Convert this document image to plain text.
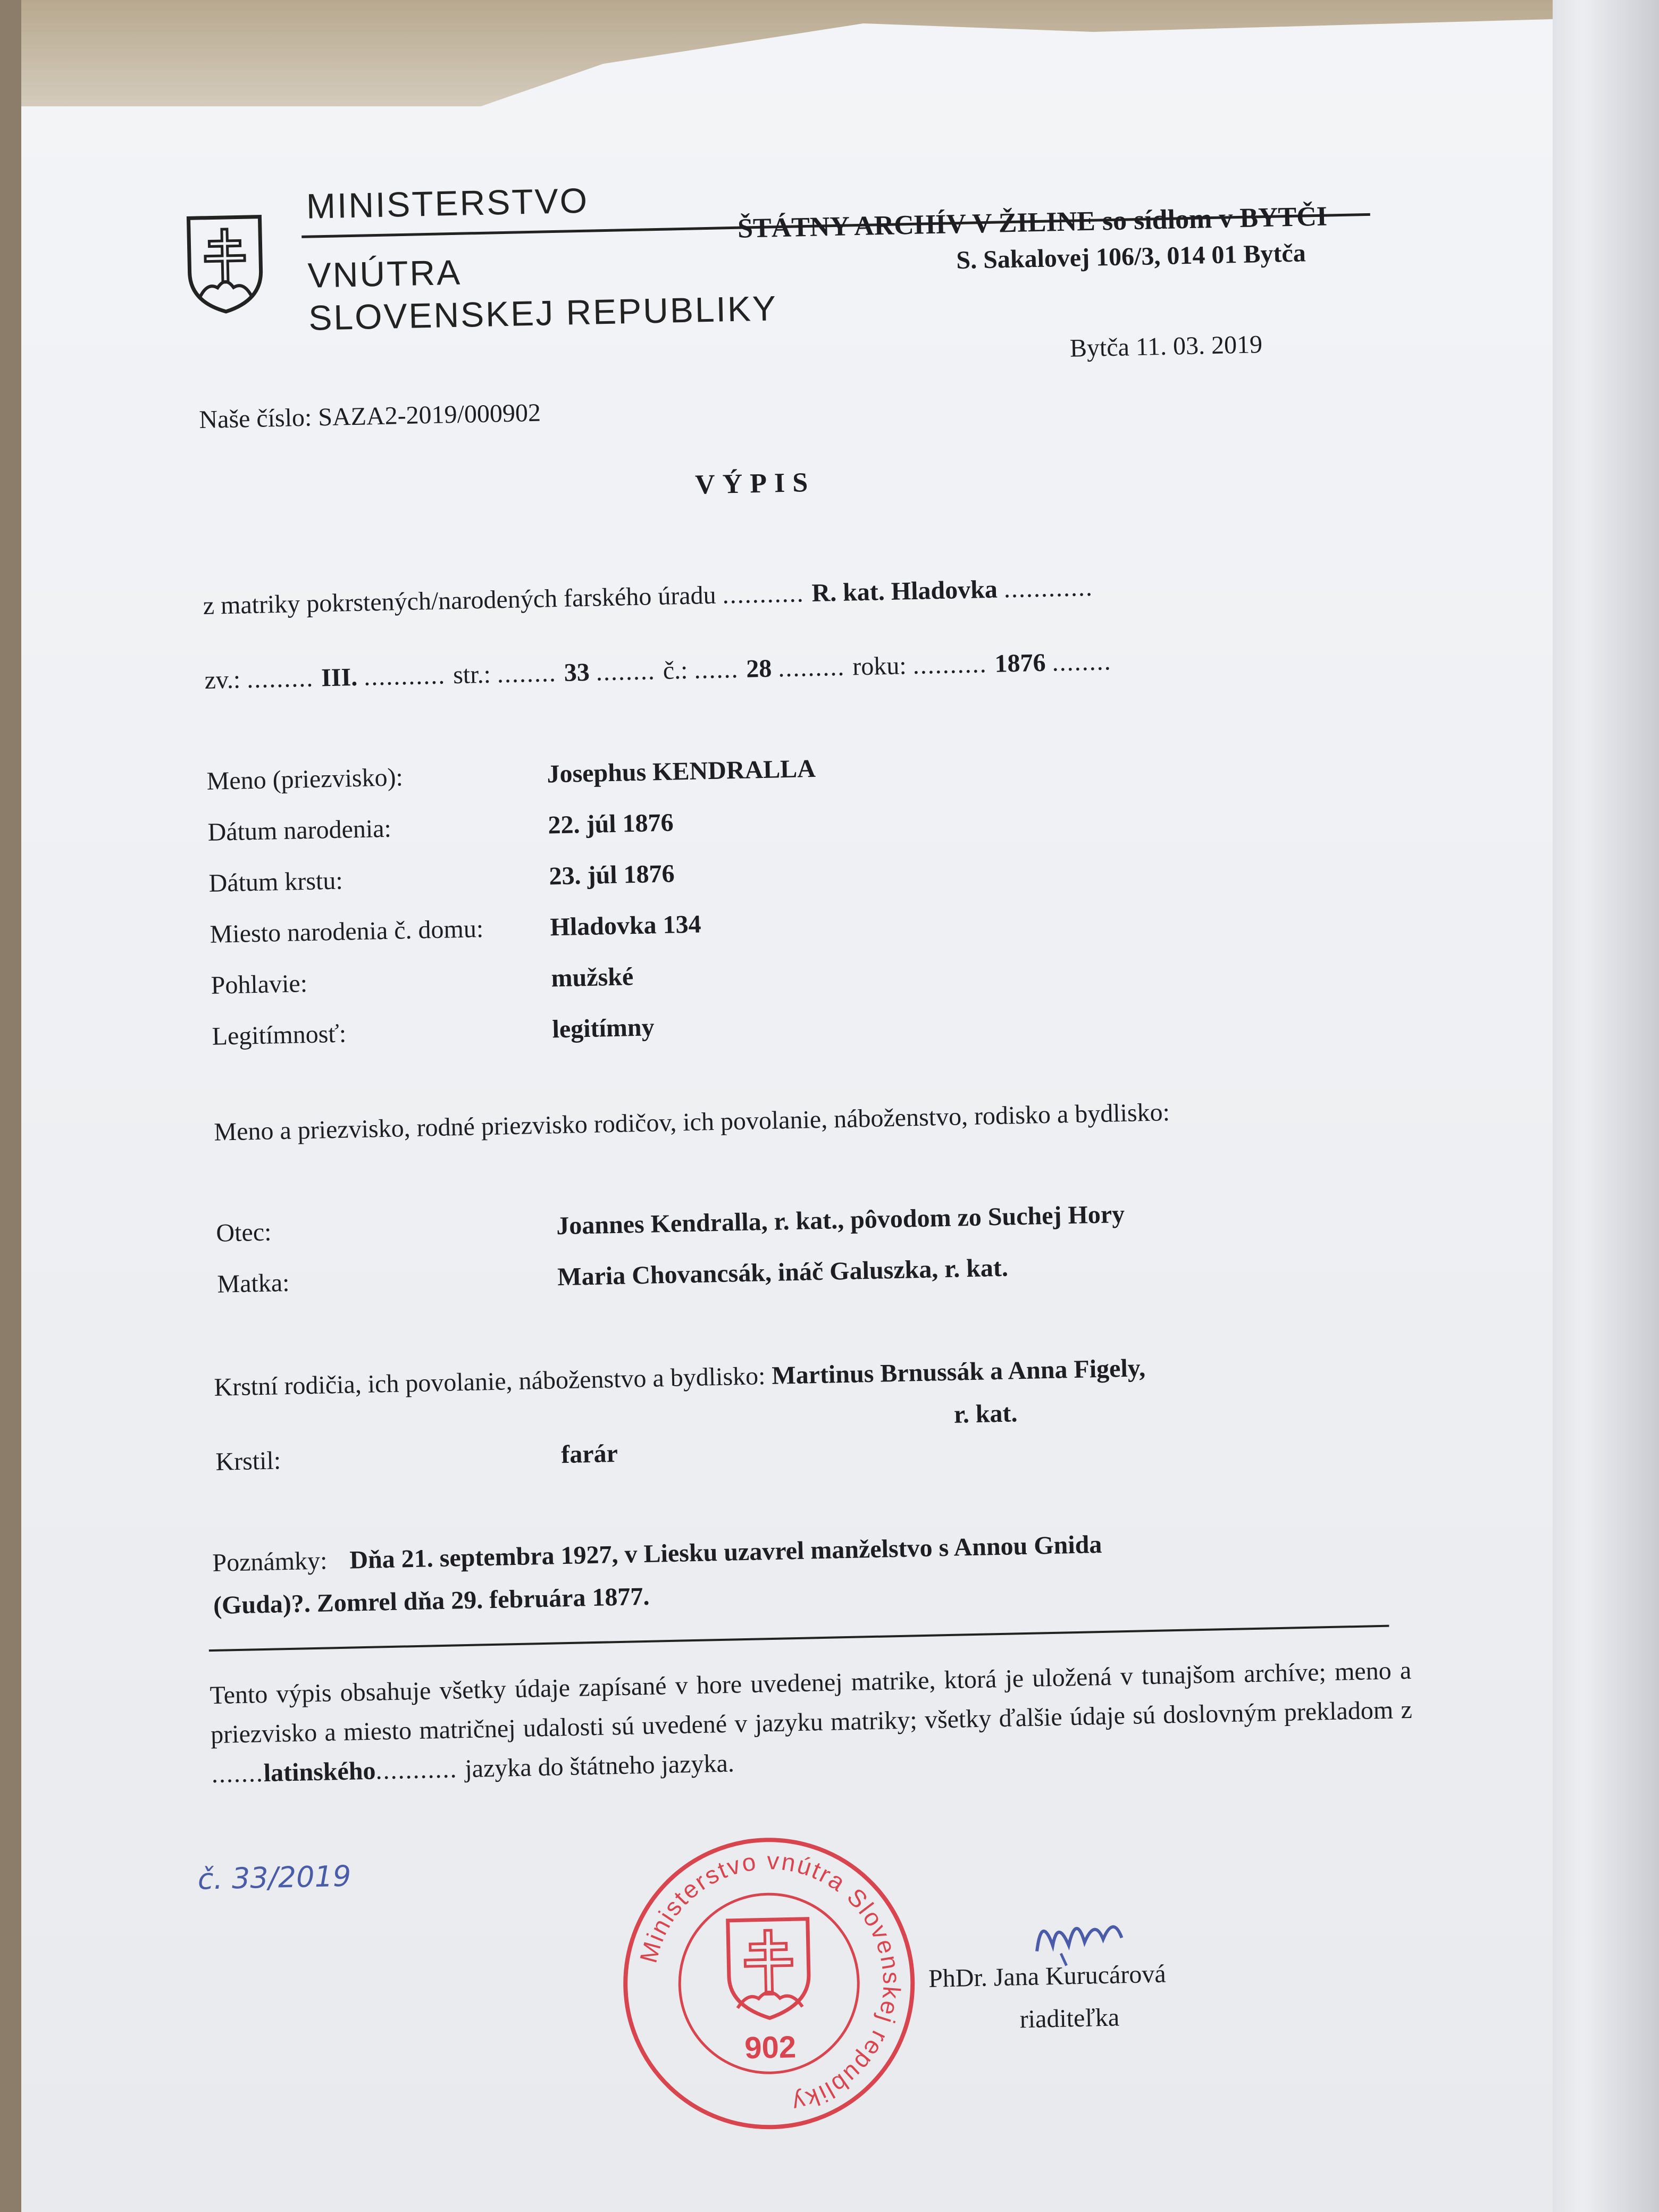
MINISTERSTVO
VNÚTRA
SLOVENSKEJ REPUBLIKY
ŠTÁTNY ARCHÍV V ŽILINE so sídlom v BYTČI
S. Sakalovej 106/3, 014 01 Bytča
Naše číslo: SAZA2-2019/000902
Bytča 11. 03. 2019
VÝPIS
z matriky pokrstených/narodených farského úradu ........... R. kat. Hladovka ............
zv.: ......... III. ........... str.: ........ 33 ........ č.: ...... 28 ......... roku: .......... 1876 ........
Meno (priezvisko):	Josephus KENDRALLA
Dátum narodenia:	22. júl 1876
Dátum krstu:	23. júl 1876
Miesto narodenia č. domu:	Hladovka 134
Pohlavie:	mužské
Legitímnosť:	legitímny
Meno a priezvisko, rodné priezvisko rodičov, ich povolanie, náboženstvo, rodisko a bydlisko:
Otec:	Joannes Kendralla, r. kat., pôvodom zo Suchej Hory
Matka:	Maria Chovancsák, ináč Galuszka, r. kat.
Krstní rodičia, ich povolanie, náboženstvo a bydlisko: Martinus Brnussák a Anna Figely,
r. kat.
Krstil:	farár
Poznámky: Dňa 21. septembra 1927, v Liesku uzavrel manželstvo s Annou Gnida
(Guda)?. Zomrel dňa 29. februára 1877.
Tento výpis obsahuje všetky údaje zapísané v hore uvedenej matrike, ktorá je uložená v tunajšom archíve; meno a priezvisko a miesto matričnej udalosti sú uvedené v jazyku matriky; všetky ďalšie údaje sú doslovným prekladom z .......latinského........... jazyka do štátneho jazyka.
č. 33/2019
Ministerstvo vnútra Slovenskej republiky
902
PhDr. Jana Kurucárová
riaditeľka
